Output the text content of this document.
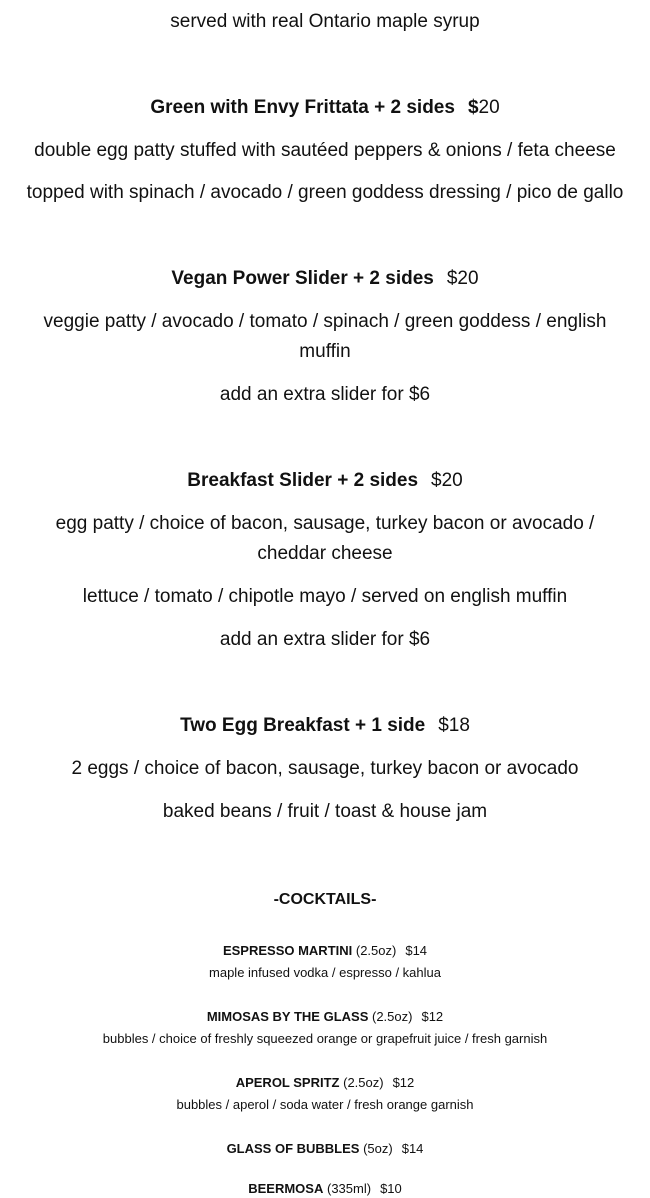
served with real Ontario maple syrup

Green with Envy Frittata + 2 sides $20

double egg patty stuffed with sautéed peppers & onions / feta cheese

topped with spinach / avocado / green goddess dressing / pico de gallo

Vegan Power Slider + 2 sides $20

veggie patty / avocado / tomato / spinach / green goddess / english muffin

add an extra slider for $6

Breakfast Slider + 2 sides $20

egg patty / choice of bacon, sausage, turkey bacon or avocado / cheddar cheese

lettuce / tomato / chipotle mayo / served on english muffin

add an extra slider for $6

Two Egg Breakfast + 1 side $18

2 eggs / choice of bacon, sausage, turkey bacon or avocado

baked beans / fruit / toast & house jam

-COCKTAILS-

ESPRESSO MARTINI (2.5oz) $14

maple infused vodka / espresso / kahlua

MIMOSAS BY THE GLASS (2.5oz) $12

bubbles / choice of freshly squeezed orange or grapefruit juice / fresh garnish

APEROL SPRITZ (2.5oz) $12

bubbles / aperol / soda water / fresh orange garnish

GLASS OF BUBBLES (5oz) $14

BEERMOSA (335ml) $10
